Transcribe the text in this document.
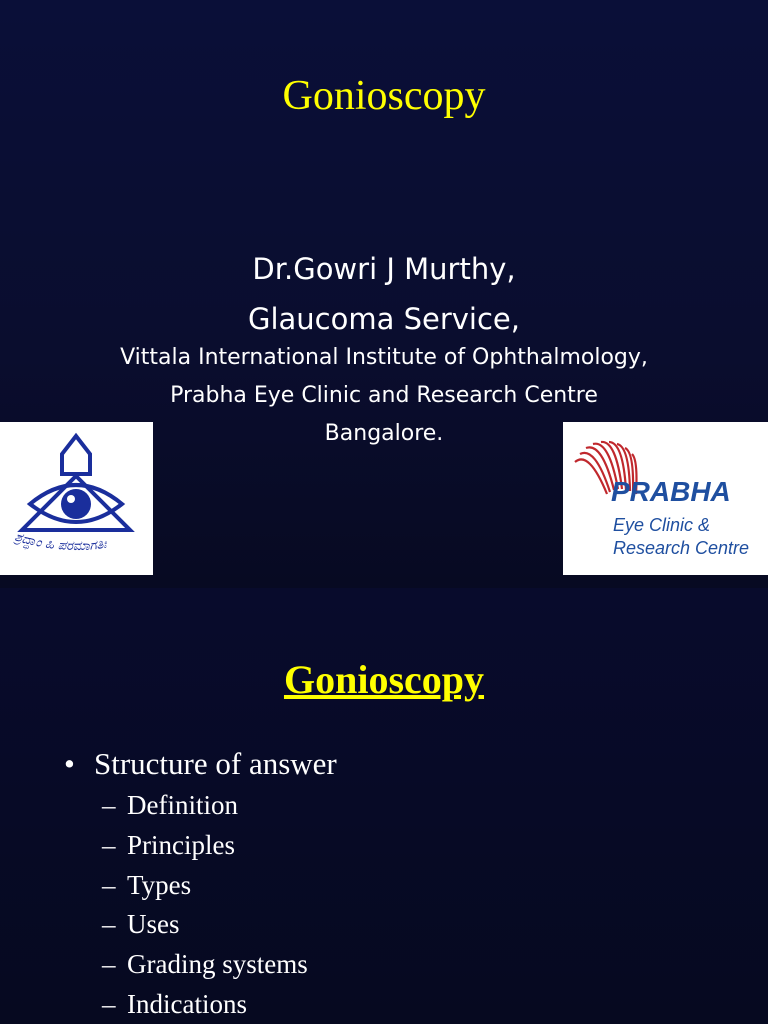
Gonioscopy
Dr.Gowri J Murthy,
Glaucoma Service,
Vittala International Institute of Ophthalmology,
Prabha Eye Clinic and Research Centre
Bangalore.
ಶ್ರದ್ಧಾಂ ಹಿ ಪರಮಾಗತಿಃ
PRABHA
Eye Clinic &
Research Centre
Gonioscopy
• Structure of answer
– Definition
– Principles
– Types
– Uses
– Grading systems
– Indications
